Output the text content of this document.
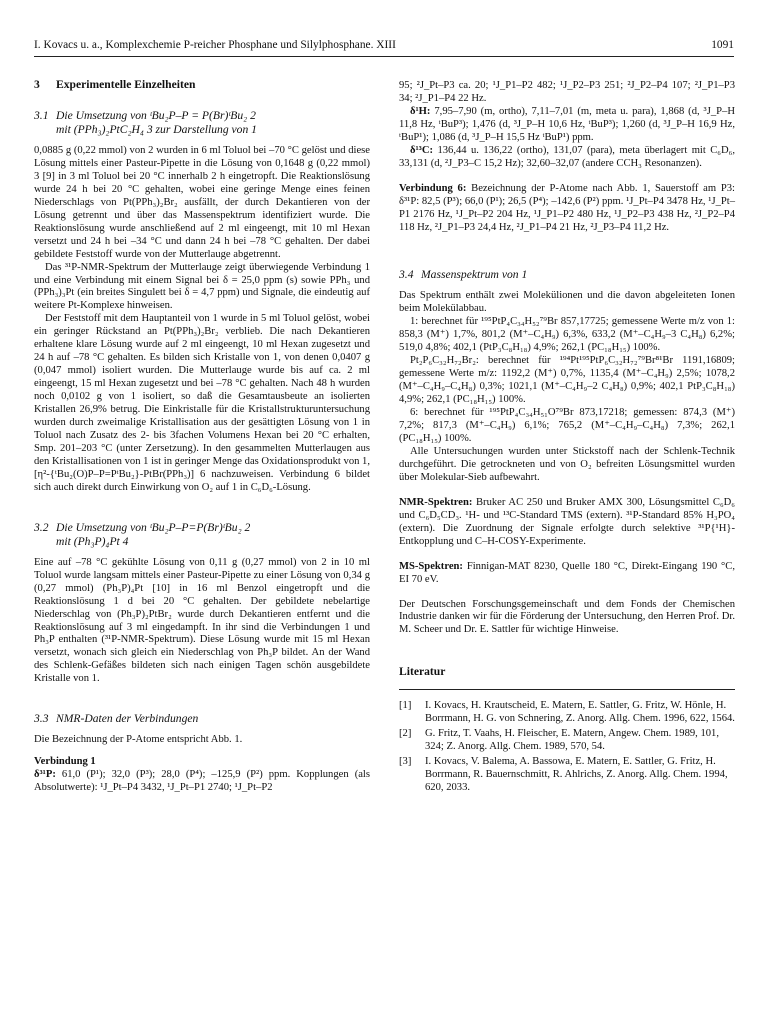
I. Kovacs u. a., Komplexchemie P-reicher Phosphane und Silylphosphane. XIII	1091
3 Experimentelle Einzelheiten
3.1 Die Umsetzung von ᵗBu₂P–P = P(Br)ᵗBu₂ 2
mit (PPh₃)₂PtC₂H₄ 3 zur Darstellung von 1

0,0885 g (0,22 mmol) von 2 wurden in 6 ml Toluol bei –70 °C gelöst und diese Lösung mittels einer Pasteur-Pipette in die Lösung von 0,1648 g (0,22 mmol) 3 [9] in 3 ml Toluol bei 20 °C innerhalb 2 h eingetropft. Die Reaktionslösung wurde 24 h bei 20 °C gehalten, wobei eine geringe Menge eines feinen Niederschlags von Pt(PPh₃)₂Br₂ ausfällt, der durch Dekantieren von der Lösung getrennt und über das Massenspektrum identifiziert wurde. Die Reaktionslösung wurde anschließend auf 2 ml eingeengt, mit 10 ml Hexan versetzt und 24 h bei –34 °C und dann 24 h bei –78 °C gehalten. Der dabei gebildete Feststoff wurde von der Mutterlauge abgetrennt.

Das ³¹P-NMR-Spektrum der Mutterlauge zeigt überwiegende Verbindung 1 und eine Verbindung mit einem Signal bei δ = 25,0 ppm (s) sowie PPh₃ und (PPh₃)₃Pt (ein breites Singulett bei δ = 4,7 ppm) und Signale, die eindeutig auf weitere Pt-Komplexe hinweisen.

Der Feststoff mit dem Hauptanteil von 1 wurde in 5 ml Toluol gelöst, wobei ein geringer Rückstand an Pt(PPh₃)₂Br₂ verblieb. Die nach Dekantieren erhaltene klare Lösung wurde auf 2 ml eingeengt, 10 ml Hexan zugesetzt und 24 h auf –78 °C gehalten. Es bilden sich Kristalle von 1, von denen 0,0407 g (0,047 mmol) isoliert wurden. Die Mutterlauge wurde bis auf ca. 2 ml eingeengt, 15 ml Hexan zugesetzt und bei –78 °C gehalten. Nach 48 h wurden noch 0,0102 g von 1 isoliert, so daß die Gesamtausbeute an isolierten Kristallen 26,9% betrug. Die Einkristalle für die Kristallstrukturuntersuchung wurden durch zweimalige Kristallisation aus der gesättigten Lösung von 1 in Toluol nach Zusatz des 2- bis 3fachen Volumens Hexan bei 20 °C erhalten, Smp. 201–203 °C (unter Zersetzung). In den gesammelten Mutterlaugen aus den Kristallisationen von 1 ist in geringer Menge das Oxidationsprodukt von 1, [η²-{ᵗBu₂(O)P–P=PᵗBu₂}-PtBr(PPh₃)] 6 nachzuweisen. Verbindung 6 bildet sich auch direkt durch Einwirkung von O₂ auf 1 in C₆D₆-Lösung.

3.2 Die Umsetzung von ᵗBu₂P–P=P(Br)ᵗBu₂ 2
mit (Ph₃P)₄Pt 4

Eine auf –78 °C gekühlte Lösung von 0,11 g (0,27 mmol) von 2 in 10 ml Toluol wurde langsam mittels einer Pasteur-Pipette zu einer Lösung von 0,34 g (0,27 mmol) (Ph₃P)₄Pt [10] in 16 ml Benzol eingetropft und die Reaktionslösung 1 d bei 20 °C gehalten. Der gebildete nebelartige Niederschlag von (Ph₃P)₂PtBr₂ wurde durch Dekantieren entfernt und die Reaktionslösung auf 3 ml eingedampft. In ihr sind die Verbindungen 1 und Ph₃P enthalten (³¹P-NMR-Spektrum). Diese Lösung wurde mit 15 ml Hexan versetzt, wonach sich gleich ein Niederschlag von Ph₃P bildet. An der Wand des Schlenk-Gefäßes bildeten sich nach einigen Tagen schön ausgebildete Kristalle von 1.

3.3 NMR-Daten der Verbindungen

Die Bezeichnung der P-Atome entspricht Abb. 1.

Verbindung 1

δ³¹P: 61,0 (P¹); 32,0 (P³); 28,0 (P⁴); –125,9 (P²) ppm. Kopplungen (als Absolutwerte): ¹J_Pt–P4 3432, ¹J_Pt–P1 2740; ¹J_Pt–P2

95; ²J_Pt–P3 ca. 20; ¹J_P1–P2 482; ¹J_P2–P3 251; ²J_P2–P4 107; ²J_P1–P3 34; ²J_P1–P4 22 Hz.

δ¹H: 7,95–7,90 (m, ortho), 7,11–7,01 (m, meta u. para), 1,868 (d, ³J_P–H 11,8 Hz, ᵗBuP³); 1,476 (d, ³J_P–H 10,6 Hz, ᵗBuP³); 1,260 (d, ³J_P–H 16,9 Hz, ᵗBuP¹); 1,086 (d, ³J_P–H 15,5 Hz ᵗBuP¹) ppm.

δ¹³C: 136,44 u. 136,22 (ortho), 131,07 (para), meta überlagert mit C₆D₆, 33,131 (d, ²J_P3–C 15,2 Hz); 32,60–32,07 (andere CCH₃ Resonanzen).

Verbindung 6: Bezeichnung der P-Atome nach Abb. 1, Sauerstoff am P3: δ³¹P: 82,5 (P³); 66,0 (P¹); 26,5 (P⁴); –142,6 (P²) ppm. ¹J_Pt–P4 3478 Hz, ¹J_Pt–P1 2176 Hz, ¹J_Pt–P2 204 Hz, ¹J_P1–P2 480 Hz, ¹J_P2–P3 438 Hz, ²J_P2–P4 118 Hz, ²J_P1–P3 24,4 Hz, ²J_P1–P4 21 Hz, ²J_P3–P4 11,2 Hz.

3.4 Massenspektrum von 1

Das Spektrum enthält zwei Molekülionen und die davon abgeleiteten Ionen beim Molekülabbau.

1: berechnet für ¹⁹⁵PtP₄C₃₄H₅₂⁷⁹Br 857,17725; gemessene Werte m/z von 1: 858,3 (M⁺) 1,7%, 801,2 (M⁺–C₄H₉) 6,3%, 633,2 (M⁺–C₄H₉–3 C₄H₈) 6,2%; 519,0 4,8%; 402,1 (PtP₃C₈H₁₈) 4,9%; 262,1 (PC₁₈H₁₅) 100%.

Pt₂P₆C₃₂H₇₂Br₂: berechnet für ¹⁹⁴Pt¹⁹⁵PtP₆C₃₂H₇₂⁷⁹Br⁸¹Br 1191,16809; gemessene Werte m/z: 1192,2 (M⁺) 0,7%, 1135,4 (M⁺–C₄H₉) 2,5%; 1078,2 (M⁺–C₄H₉–C₄H₈) 0,3%; 1021,1 (M⁺–C₄H₉–2 C₄H₈) 0,9%; 402,1 PtP₃C₈H₁₈) 4,9%; 262,1 (PC₁₈H₁₅) 100%.

6: berechnet für ¹⁹⁵PtP₄C₃₄H₅₁O⁷⁹Br 873,17218; gemessen: 874,3 (M⁺) 7,2%; 817,3 (M⁺–C₄H₉) 6,1%; 765,2 (M⁺–C₄H₉–C₄H₈) 7,3%; 262,1 (PC₁₈H₁₅) 100%.

Alle Untersuchungen wurden unter Stickstoff nach der Schlenk-Technik durchgeführt. Die getrockneten und von O₂ befreiten Lösungsmittel wurden über Molekular-Sieb aufbewahrt.

NMR-Spektren: Bruker AC 250 und Bruker AMX 300, Lösungsmittel C₆D₆ und C₆D₅CD₃. ¹H- und ¹³C-Standard TMS (extern). ³¹P-Standard 85% H₃PO₄ (extern). Die Zuordnung der Signale erfolgte durch selektive ³¹P{¹H}-Entkopplung und C–H-COSY-Experimente.

MS-Spektren: Finnigan-MAT 8230, Quelle 180 °C, Direkt-Eingang 190 °C, EI 70 eV.

Der Deutschen Forschungsgemeinschaft und dem Fonds der Chemischen Industrie danken wir für die Förderung der Untersuchung, den Herren Prof. Dr. M. Scheer und Dr. E. Sattler für wichtige Hinweise.

Literatur
[1]	I. Kovacs, H. Krautscheid, E. Matern, E. Sattler, G. Fritz, W. Hönle, H. Borrmann, H. G. von Schnering, Z. Anorg. Allg. Chem. 1996, 622, 1564.
[2]	G. Fritz, T. Vaahs, H. Fleischer, E. Matern, Angew. Chem. 1989, 101, 324; Z. Anorg. Allg. Chem. 1989, 570, 54.
[3]	I. Kovacs, V. Balema, A. Bassowa, E. Matern, E. Sattler, G. Fritz, H. Borrmann, R. Bauernschmitt, R. Ahlrichs, Z. Anorg. Allg. Chem. 1994, 620, 2033.
